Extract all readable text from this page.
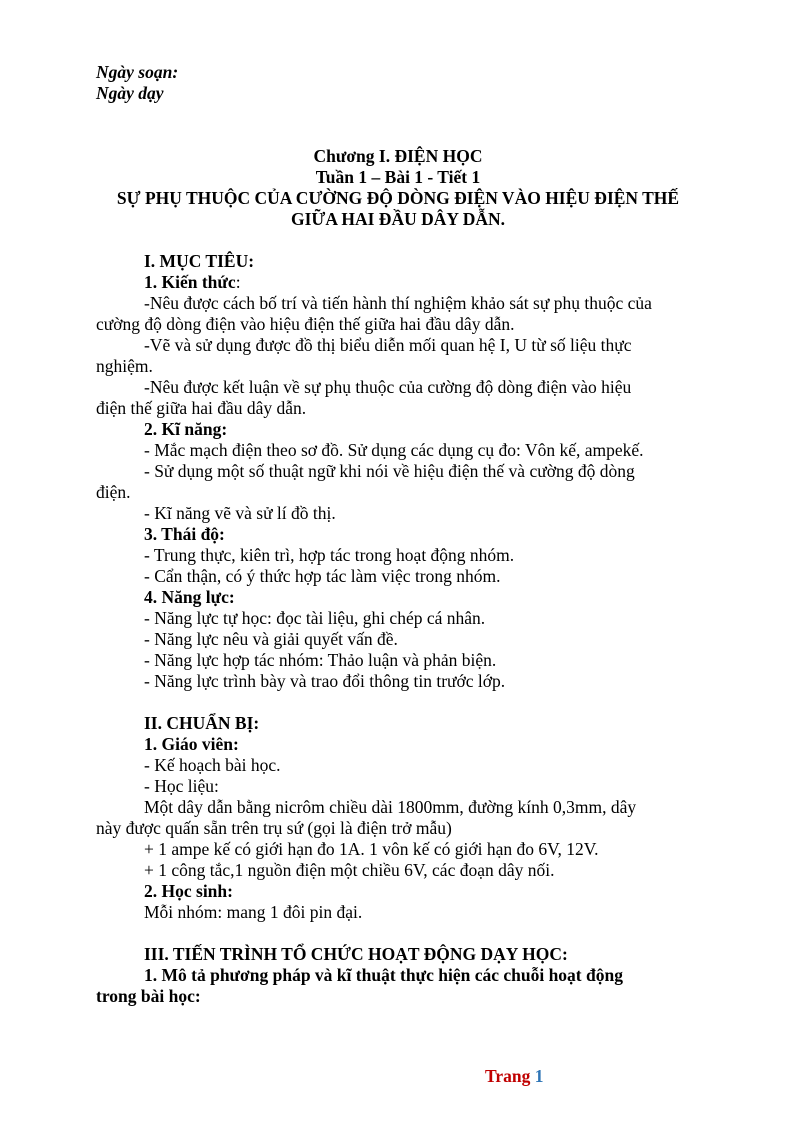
Ngày soạn:

Ngày dạy

Chương I. ĐIỆN HỌC

Tuần 1 – Bài 1 - Tiết 1

SỰ PHỤ THUỘC CỦA CƯỜNG ĐỘ DÒNG ĐIỆN VÀO HIỆU ĐIỆN THẾ

GIỮA HAI ĐẦU DÂY DẪN.

I. MỤC TIÊU:

1. Kiến thức:

-Nêu được cách bố trí và tiến hành thí nghiệm khảo sát sự phụ thuộc của

cường độ dòng điện vào hiệu điện thế giữa hai đầu dây dẫn.

-Vẽ và sử dụng được đồ thị biểu diễn mối quan hệ I, U từ số liệu thực

nghiệm.

-Nêu được kết luận về sự phụ thuộc của cường độ dòng điện vào hiệu

điện thế giữa hai đầu dây dẫn.

2. Kĩ năng:

- Mắc mạch điện theo sơ đồ. Sử dụng các dụng cụ đo: Vôn kế, ampekế.

- Sử dụng một số thuật ngữ khi nói về hiệu điện thế và cường độ dòng

điện.

- Kĩ năng vẽ và sử lí đồ thị.

3. Thái độ:

- Trung thực, kiên trì, hợp tác trong hoạt động nhóm.

- Cẩn thận, có ý thức hợp tác làm việc trong nhóm.

4. Năng lực:

- Năng lực tự học: đọc tài liệu, ghi chép cá nhân.

- Năng lực nêu và giải quyết vấn đề.

- Năng lực hợp tác nhóm: Thảo luận và phản biện.

- Năng lực trình bày và trao đổi thông tin trước lớp.

II. CHUẨN BỊ:

1. Giáo viên:

- Kế hoạch bài học.

- Học liệu:

Một dây dẫn bằng nicrôm chiều dài 1800mm, đường kính 0,3mm, dây

này được quấn sẵn trên trụ sứ (gọi là điện trở mẫu)

+ 1 ampe kế có giới hạn đo 1A. 1 vôn kế có giới hạn đo 6V, 12V.

+ 1 công tắc,1 nguồn điện một chiều 6V, các đoạn dây nối.

2. Học sinh:

Mỗi nhóm: mang 1 đôi pin đại.

III. TIẾN TRÌNH TỔ CHỨC HOẠT ĐỘNG DẠY HỌC:

1. Mô tả phương pháp và kĩ thuật thực hiện các chuỗi hoạt động

trong bài học:

Trang 1
